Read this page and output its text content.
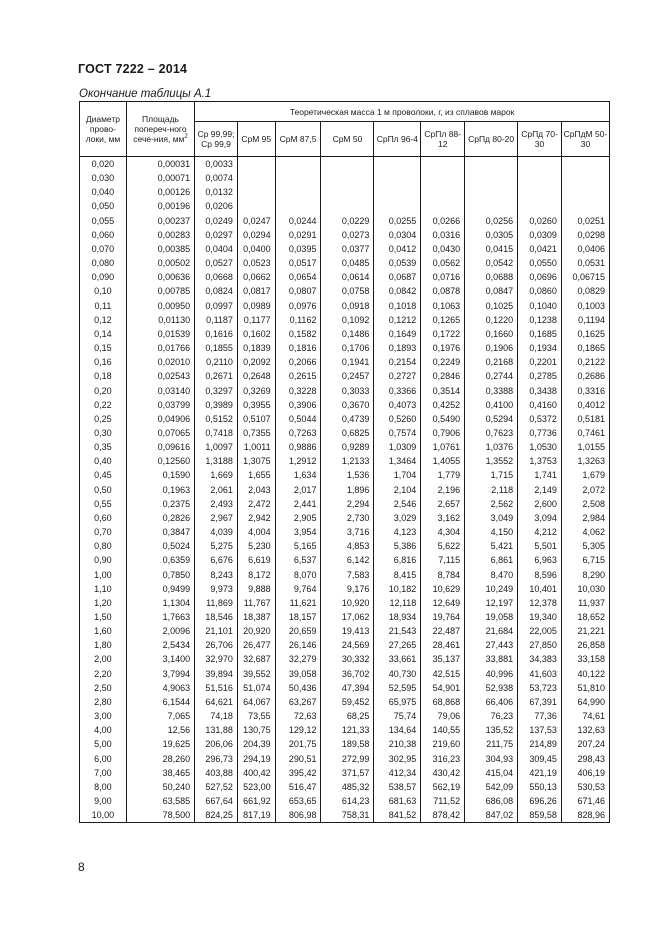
ГОСТ 7222 – 2014
Окончание таблицы А.1
Диаметр прово-локи, мм	Площадь попереч-ного сече-ния, $мм^2$	Теоретическая масса 1 м проволоки, г, из сплавов марок								
		Ср 99,99; Ср 99,9	СрМ 95	СрМ 87,5	СрМ 50	СрПл 96-4	СрПл 88-12	СрПд 80-20	СрПд 70-30	СрПдМ 50-30
0,020	0,00031	0,0033								
0,030	0,00071	0,0074								
0,040	0,00126	0,0132								
0,050	0,00196	0,0206								
0,055	0,00237	0,0249	0,0247	0,0244	0,0229	0,0255	0,0266	0,0256	0,0260	0,0251
0,060	0,00283	0,0297	0,0294	0,0291	0,0273	0,0304	0,0316	0,0305	0,0309	0,0298
0,070	0,00385	0,0404	0,0400	0,0395	0,0377	0,0412	0,0430	0,0415	0,0421	0,0406
0,080	0,00502	0,0527	0,0523	0,0517	0,0485	0,0539	0,0562	0,0542	0,0550	0,0531
0,090	0,00636	0,0668	0,0662	0,0654	0,0614	0,0687	0,0716	0,0688	0,0696	0,06715
0,10	0,00785	0,0824	0,0817	0,0807	0,0758	0,0842	0,0878	0,0847	0,0860	0,0829
0,11	0,00950	0,0997	0,0989	0,0976	0,0918	0,1018	0,1063	0,1025	0,1040	0,1003
0,12	0,01130	0,1187	0,1177	0,1162	0,1092	0,1212	0,1265	0,1220	0,1238	0,1194
0,14	0,01539	0,1616	0,1602	0,1582	0,1486	0,1649	0,1722	0,1660	0,1685	0,1625
0,15	0,01766	0,1855	0,1839	0,1816	0,1706	0,1893	0,1976	0,1906	0,1934	0,1865
0,16	0,02010	0,2110	0,2092	0,2066	0,1941	0,2154	0,2249	0,2168	0,2201	0,2122
0,18	0,02543	0,2671	0,2648	0,2615	0,2457	0,2727	0,2846	0,2744	0,2785	0,2686
0,20	0,03140	0,3297	0,3269	0,3228	0,3033	0,3366	0,3514	0,3388	0,3438	0,3316
0,22	0,03799	0,3989	0,3955	0,3906	0,3670	0,4073	0,4252	0,4100	0,4160	0,4012
0,25	0,04906	0,5152	0,5107	0,5044	0,4739	0,5260	0,5490	0,5294	0,5372	0,5181
0,30	0,07065	0,7418	0,7355	0,7263	0,6825	0,7574	0,7906	0,7623	0,7736	0,7461
0,35	0,09616	1,0097	1,0011	0,9886	0,9289	1,0309	1,0761	1,0376	1,0530	1,0155
0,40	0,12560	1,3188	1,3075	1,2912	1,2133	1,3464	1,4055	1,3552	1,3753	1,3263
0,45	0,1590	1,669	1,655	1,634	1,536	1,704	1,779	1,715	1,741	1,679
0,50	0,1963	2,061	2,043	2,017	1,896	2,104	2,196	2,118	2,149	2,072
0,55	0,2375	2,493	2,472	2,441	2,294	2,546	2,657	2,562	2,600	2,508
0,60	0,2826	2,967	2,942	2,905	2,730	3,029	3,162	3,049	3,094	2,984
0,70	0,3847	4,039	4,004	3,954	3,716	4,123	4,304	4,150	4,212	4,062
0,80	0,5024	5,275	5,230	5,165	4,853	5,386	5,622	5,421	5,501	5,305
0,90	0,6359	6,676	6,619	6,537	6,142	6,816	7,115	6,861	6,963	6,715
1,00	0,7850	8,243	8,172	8,070	7,583	8,415	8,784	8,470	8,596	8,290
1,10	0,9499	9,973	9,888	9,764	9,176	10,182	10,629	10,249	10,401	10,030
1,20	1,1304	11,869	11,767	11,621	10,920	12,118	12,649	12,197	12,378	11,937
1,50	1,7663	18,546	18,387	18,157	17,062	18,934	19,764	19,058	19,340	18,652
1,60	2,0096	21,101	20,920	20,659	19,413	21,543	22,487	21,684	22,005	21,221
1,80	2,5434	26,706	26,477	26,146	24,569	27,265	28,461	27,443	27,850	26,858
2,00	3,1400	32,970	32,687	32,279	30,332	33,661	35,137	33,881	34,383	33,158
2,20	3,7994	39,894	39,552	39,058	36,702	40,730	42,515	40,996	41,603	40,122
2,50	4,9063	51,516	51,074	50,436	47,394	52,595	54,901	52,938	53,723	51,810
2,80	6,1544	64,621	64,067	63,267	59,452	65,975	68,868	66,406	67,391	64,990
3,00	7,065	74,18	73,55	72,63	68,25	75,74	79,06	76,23	77,36	74,61
4,00	12,56	131,88	130,75	129,12	121,33	134,64	140,55	135,52	137,53	132,63
5,00	19,625	206,06	204,39	201,75	189,58	210,38	219,60	211,75	214,89	207,24
6,00	28,260	296,73	294,19	290,51	272,99	302,95	316,23	304,93	309,45	298,43
7,00	38,465	403,88	400,42	395,42	371,57	412,34	430,42	415,04	421,19	406,19
8,00	50,240	527,52	523,00	516,47	485,32	538,57	562,19	542,09	550,13	530,53
9,00	63,585	667,64	661,92	653,65	614,23	681,63	711,52	686,08	696,26	671,46
10,00	78,500	824,25	817,19	806,98	758,31	841,52	878,42	847,02	859,58	828,96
8
